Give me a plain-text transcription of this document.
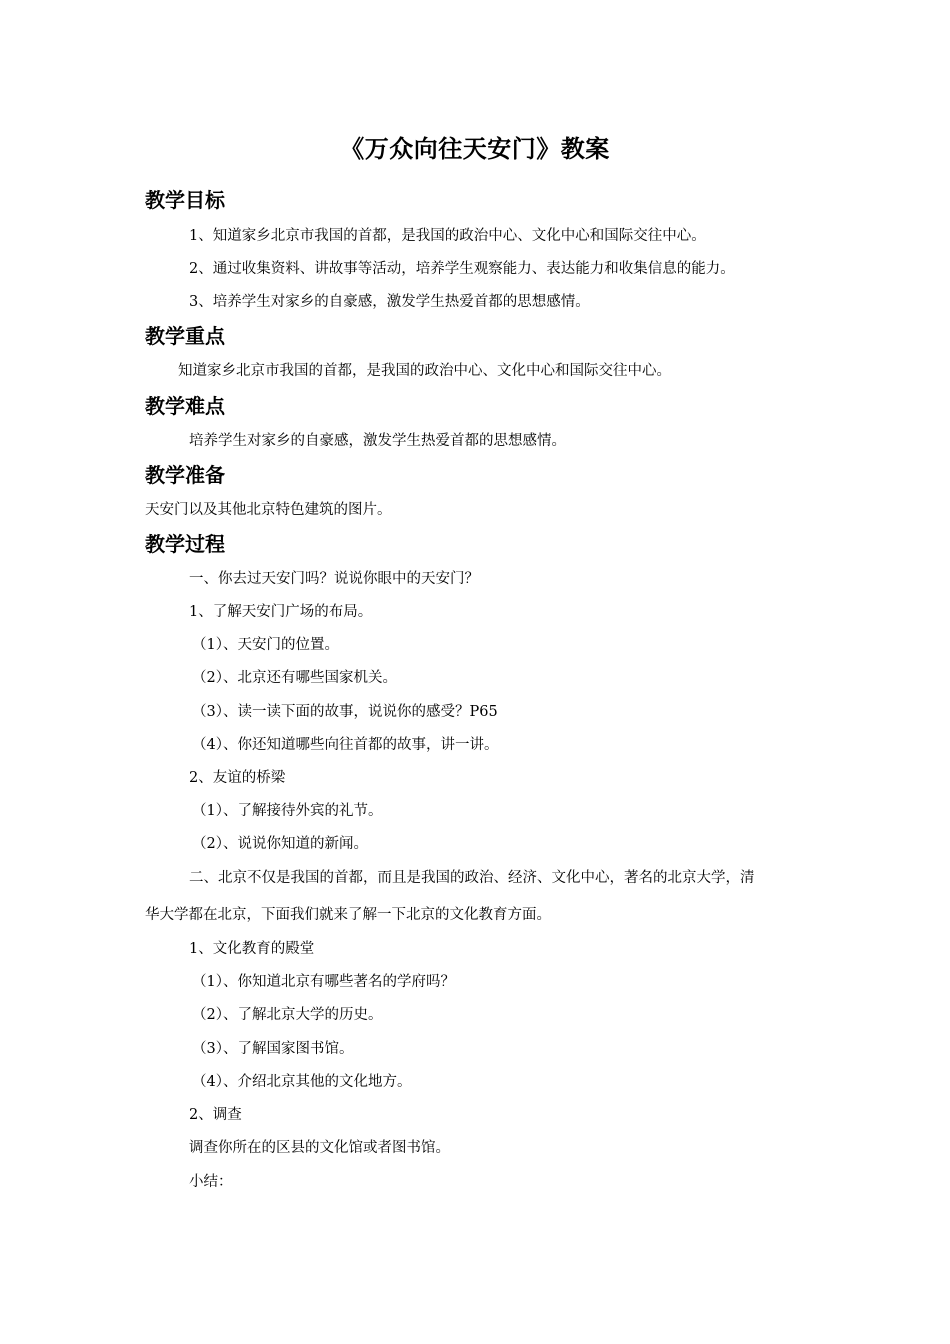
《万众向往天安门》教案
教学目标
1、知道家乡北京市我国的首都，是我国的政治中心、文化中心和国际交往中心。
2、通过收集资料、讲故事等活动，培养学生观察能力、表达能力和收集信息的能力。
3、培养学生对家乡的自豪感，激发学生热爱首都的思想感情。
教学重点
知道家乡北京市我国的首都，是我国的政治中心、文化中心和国际交往中心。
教学难点
培养学生对家乡的自豪感，激发学生热爱首都的思想感情。
教学准备
天安门以及其他北京特色建筑的图片。
教学过程
一、你去过天安门吗？说说你眼中的天安门？
1、了解天安门广场的布局。
（1）、天安门的位置。
（2）、北京还有哪些国家机关。
（3）、读一读下面的故事，说说你的感受？P65
（4）、你还知道哪些向往首都的故事，讲一讲。
2、友谊的桥梁
（1）、了解接待外宾的礼节。
（2）、说说你知道的新闻。
二、北京不仅是我国的首都，而且是我国的政治、经济、文化中心，著名的北京大学，清
华大学都在北京，下面我们就来了解一下北京的文化教育方面。
1、文化教育的殿堂
（1）、你知道北京有哪些著名的学府吗？
（2）、了解北京大学的历史。
（3）、了解国家图书馆。
（4）、介绍北京其他的文化地方。
2、调查
调查你所在的区县的文化馆或者图书馆。
小结：
